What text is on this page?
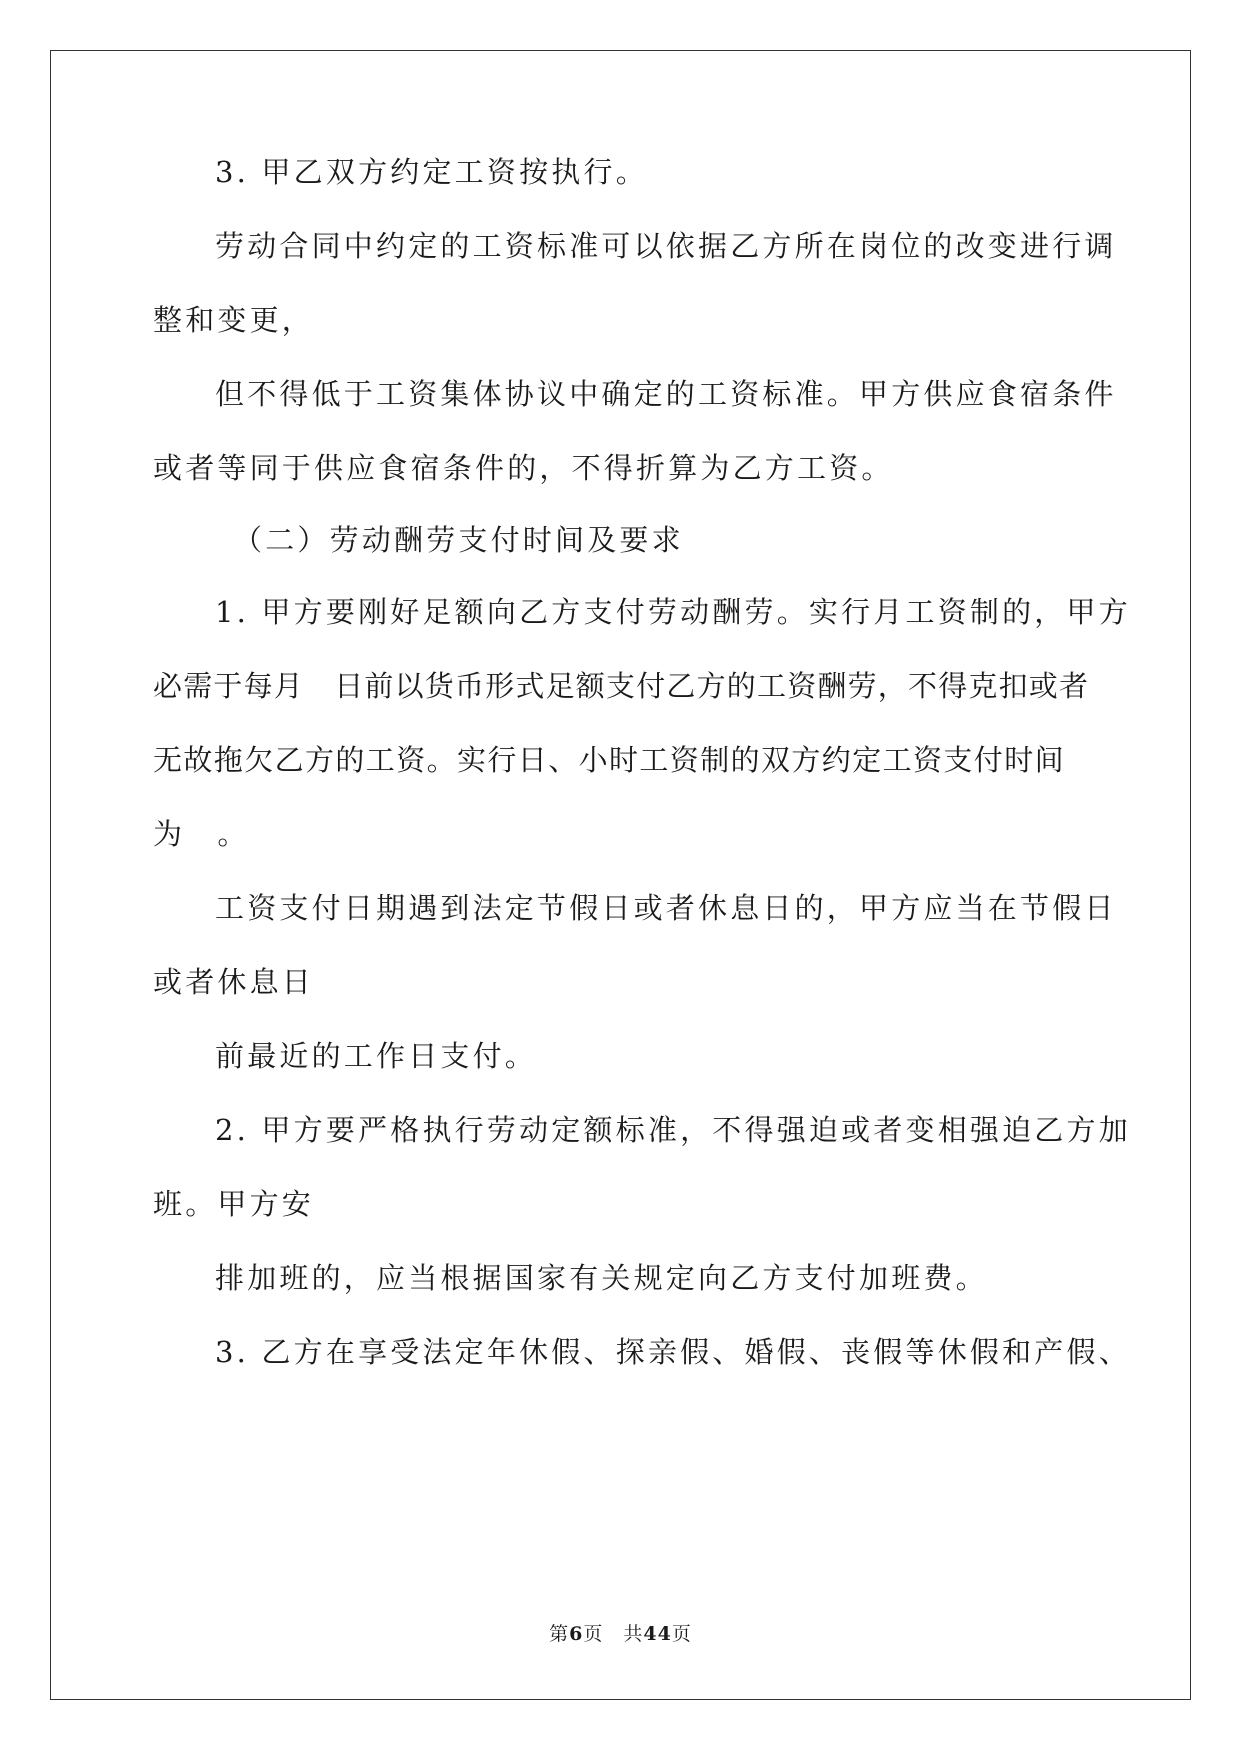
3. 甲乙双方约定工资按执行。
劳动合同中约定的工资标准可以依据乙方所在岗位的改变进行调
整和变更，
但不得低于工资集体协议中确定的工资标准。甲方供应食宿条件
或者等同于供应食宿条件的，不得折算为乙方工资。
（二）劳动酬劳支付时间及要求
1. 甲方要刚好足额向乙方支付劳动酬劳。实行月工资制的，甲方
必需于每月　日前以货币形式足额支付乙方的工资酬劳，不得克扣或者
无故拖欠乙方的工资。实行日、小时工资制的双方约定工资支付时间
为　。
工资支付日期遇到法定节假日或者休息日的，甲方应当在节假日
或者休息日
前最近的工作日支付。
2. 甲方要严格执行劳动定额标准，不得强迫或者变相强迫乙方加
班。甲方安
排加班的，应当根据国家有关规定向乙方支付加班费。
3. 乙方在享受法定年休假、探亲假、婚假、丧假等休假和产假、
第6页　共44页
